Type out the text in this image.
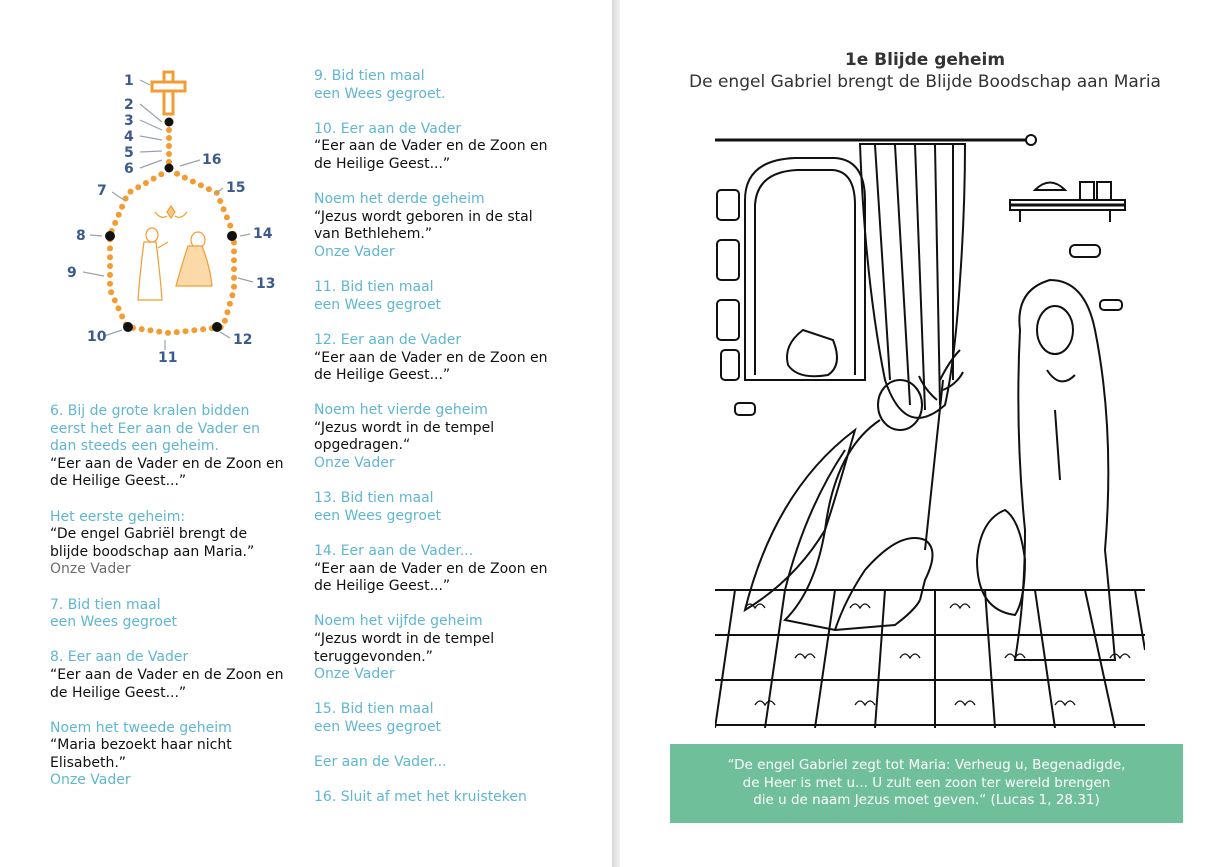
1
2
3
4
5
6
7
8
9
10
11
12
13
14
15
16
6. Bij de grote kralen bidden
eerst het Eer aan de Vader en
dan steeds een geheim.
“Eer aan de Vader en de Zoon en
de Heilige Geest...”
Het eerste geheim:
“De engel Gabriël brengt de
blijde boodschap aan Maria.”
Onze Vader
7. Bid tien maal
een Wees gegroet
8. Eer aan de Vader
“Eer aan de Vader en de Zoon en
de Heilige Geest...”
Noem het tweede geheim
“Maria bezoekt haar nicht
Elisabeth.”
Onze Vader
9. Bid tien maal
een Wees gegroet.
10. Eer aan de Vader
“Eer aan de Vader en de Zoon en
de Heilige Geest...”
Noem het derde geheim
“Jezus wordt geboren in de stal
van Bethlehem.”
Onze Vader
11. Bid tien maal
een Wees gegroet
12. Eer aan de Vader
“Eer aan de Vader en de Zoon en
de Heilige Geest...”
Noem het vierde geheim
“Jezus wordt in de tempel
opgedragen.“
Onze Vader
13. Bid tien maal
een Wees gegroet
14. Eer aan de Vader...
“Eer aan de Vader en de Zoon en
de Heilige Geest...”
Noem het vijfde geheim
“Jezus wordt in de tempel
teruggevonden.”
Onze Vader
15. Bid tien maal
een Wees gegroet
Eer aan de Vader...
16. Sluit af met het kruisteken
1e Blijde geheim
De engel Gabriel brengt de Blijde Boodschap aan Maria
“De engel Gabriel zegt tot Maria: Verheug u, Begenadigde,
de Heer is met u... U zult een zoon ter wereld brengen
die u de naam Jezus moet geven.“ (Lucas 1, 28.31)
